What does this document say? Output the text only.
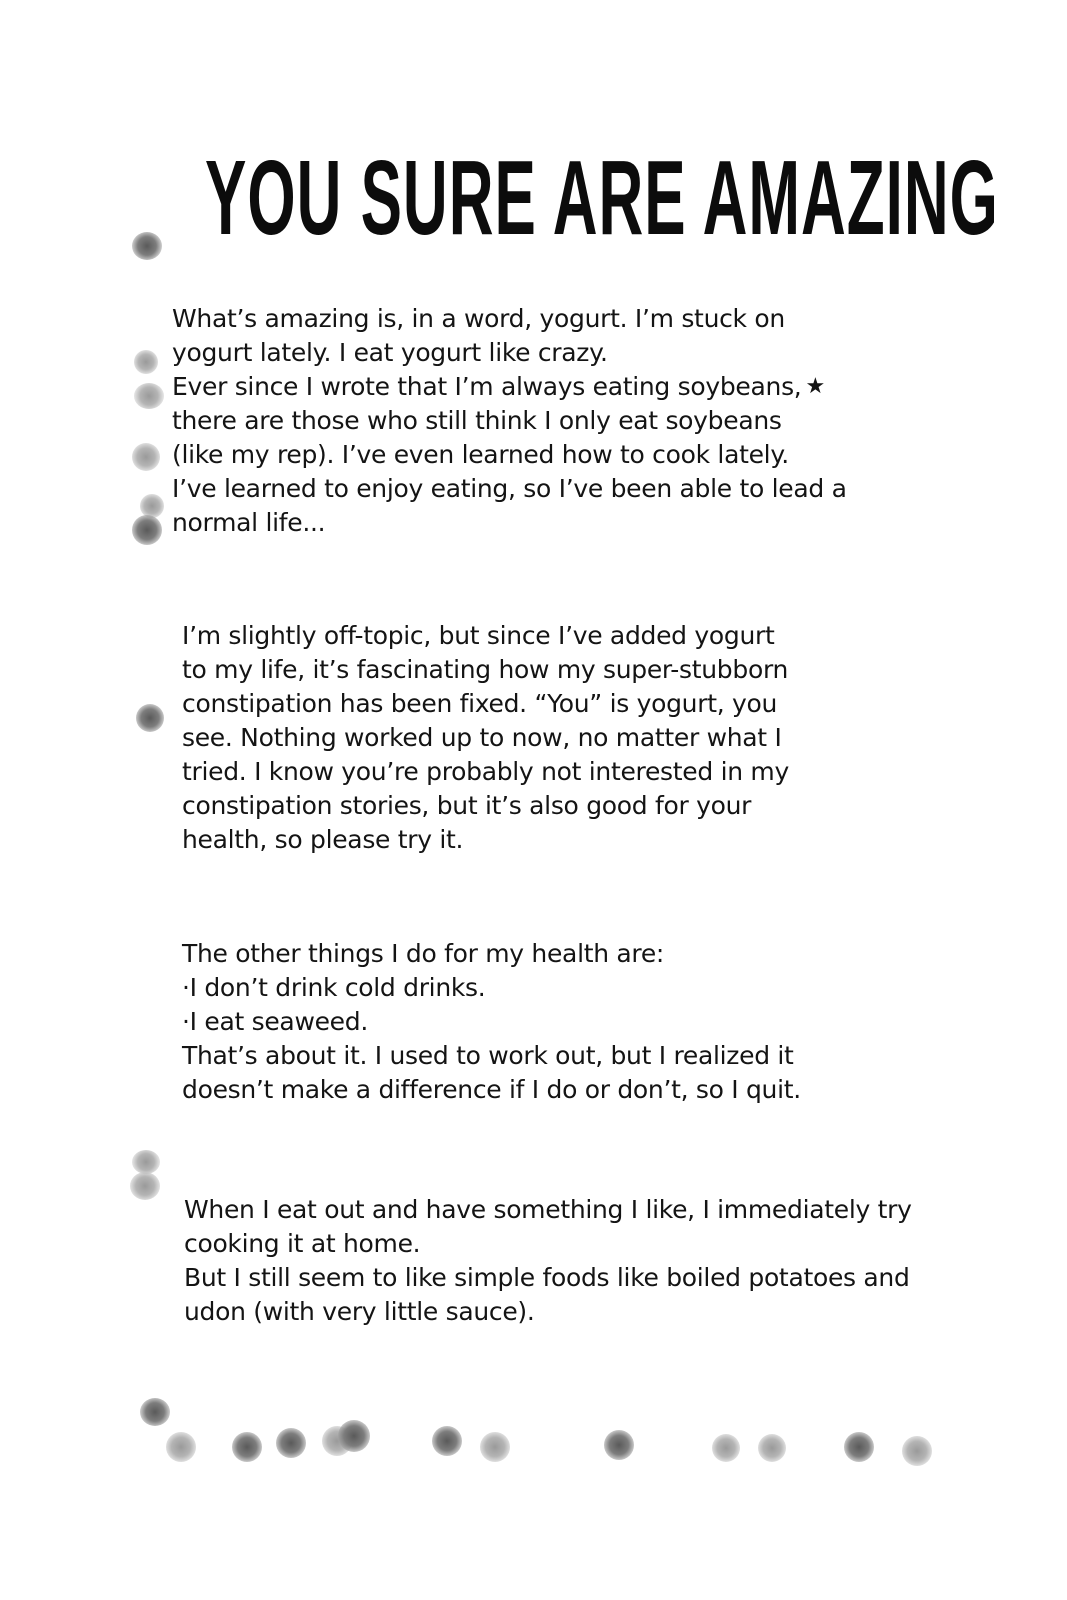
YOU SURE ARE AMAZING
What’s amazing is, in a word, yogurt. I’m stuck on
yogurt lately. I eat yogurt like crazy.
Ever since I wrote that I’m always eating soybeans, ★
there are those who still think I only eat soybeans
(like my rep). I’ve even learned how to cook lately.
I’ve learned to enjoy eating, so I’ve been able to lead a
normal life...
I’m slightly off-topic, but since I’ve added yogurt
to my life, it’s fascinating how my super-stubborn
constipation has been fixed. “You” is yogurt, you
see. Nothing worked up to now, no matter what I
tried. I know you’re probably not interested in my
constipation stories, but it’s also good for your
health, so please try it.
The other things I do for my health are:
·I don’t drink cold drinks.
·I eat seaweed.
That’s about it. I used to work out, but I realized it
doesn’t make a difference if I do or don’t, so I quit.
When I eat out and have something I like, I immediately try
cooking it at home.
But I still seem to like simple foods like boiled potatoes and
udon (with very little sauce).
